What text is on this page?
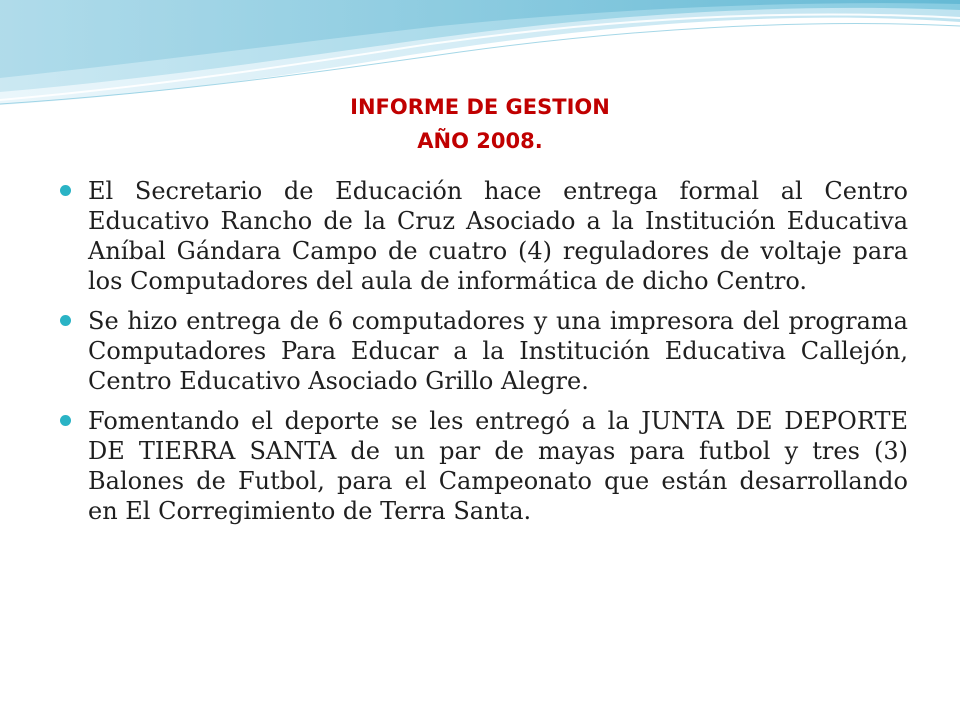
INFORME DE GESTION
AÑO 2008.
El Secretario de Educación hace entrega formal al Centro Educativo Rancho de la Cruz Asociado a la Institución Educativa Aníbal Gándara Campo de cuatro (4) reguladores de voltaje para los Computadores del aula de informática de dicho Centro.
Se hizo entrega de 6 computadores y una impresora del programa Computadores Para Educar a la Institución Educativa Callejón, Centro Educativo Asociado Grillo Alegre.
Fomentando el deporte se les entregó a la JUNTA DE DEPORTE DE TIERRA SANTA de un par de mayas para futbol y tres (3) Balones de Futbol, para el Campeonato que están desarrollando en El Corregimiento de Terra Santa.
